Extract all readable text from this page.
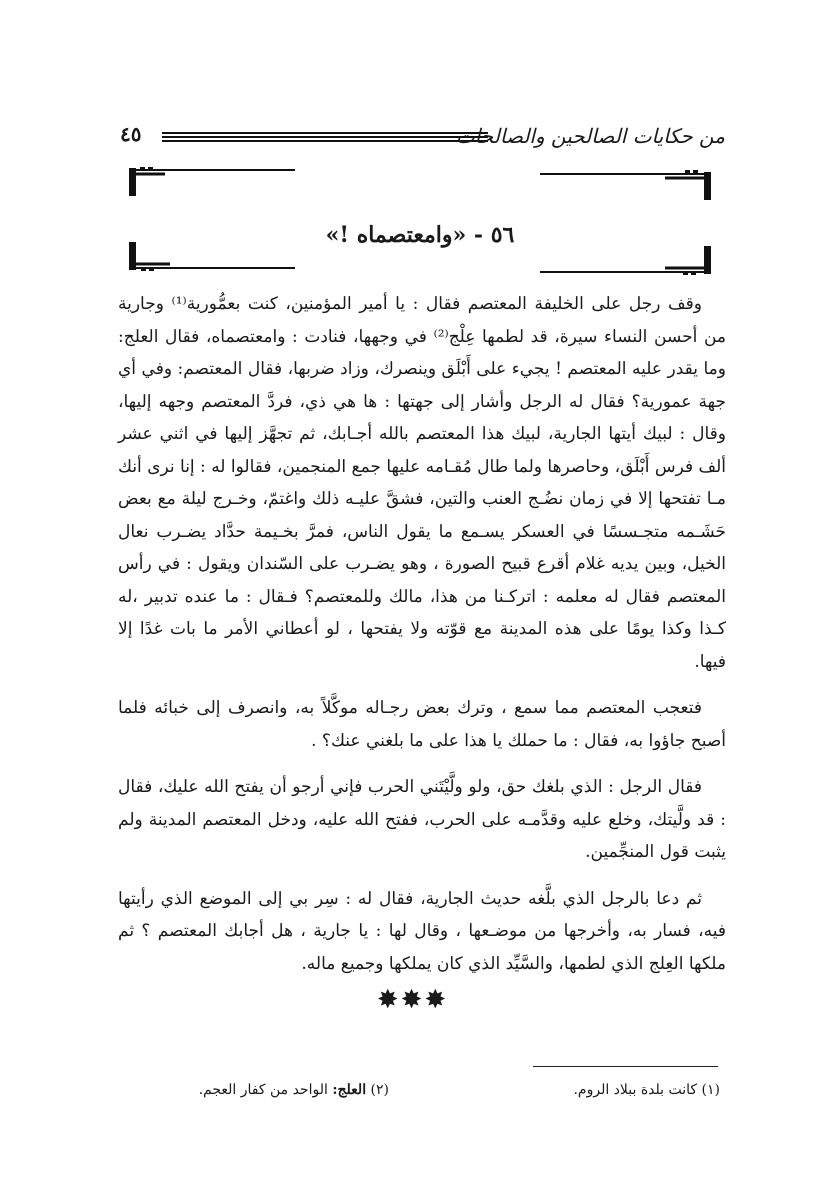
٤٥	من حكايات الصالحين والصالحات
٥٦ - «وامعتصماه !»

وقف رجل على الخليفة المعتصم فقال : يا أمير المؤمنين، كنت بعمُّورية⁽¹⁾ وجارية من أحسن النساء سيرة، قد لطمها عِلْج⁽²⁾ في وجهها، فنادت : وامعتصماه، فقال العلج: وما يقدر عليه المعتصم ! يجيء على أَبْلَق وينصرك، وزاد ضربها، فقال المعتصم: وفي أي جهة عمورية؟ فقال له الرجل وأشار إلى جهتها : ها هي ذي، فردَّ المعتصم وجهه إليها، وقال : لبيك أيتها الجارية، لبيك هذا المعتصم بالله أجـابك، ثم تجهَّز إليها في اثني عشر ألف فرس أَبْلَق، وحاصرها ولما طال مُقـامه عليها جمع المنجمين، فقالوا له : إنا نرى أنك مـا تفتحها إلا في زمان نضُـج العنب والتين، فشقَّ عليـه ذلك واغتمّ، وخـرج ليلة مع بعض حَشَـمه متجـسسًا في العسكر يسـمع ما يقول الناس، فمرَّ بخـيمة حدَّاد يضـرب نعال الخيل، وبين يديه غلام أقرع قبيح الصورة ، وهو يضـرب على السّندان ويقول : في رأس المعتصم فقال له معلمه : اتركـنا من هذا، مالك وللمعتصم؟ فـقال : ما عنده تدبير ،له كـذا وكذا يومًا على هذه المدينة مع قوّته ولا يفتحها ، لو أعطاني الأمر ما بات غدًا إلا فيها.

فتعجب المعتصم مما سمع ، وترك بعض رجـاله موكَّلاً به، وانصرف إلى خبائه فلما أصبح جاؤوا به، فقال : ما حملك يا هذا على ما بلغني عنك؟ .

فقال الرجل : الذي بلغك حق، ولو ولَّيْتَني الحرب فإني أرجو أن يفتح الله عليك، فقال : قد ولَّيتك، وخلع عليه وقدَّمـه على الحرب، ففتح الله عليه، ودخل المعتصم المدينة ولم يثبت قول المنجِّمين.

ثم دعا بالرجل الذي بلَّغه حديث الجارية، فقال له : سِر بي إلى الموضع الذي رأيتها فيه، فسار به، وأخرجها من موضـعها ، وقال لها : يا جارية ، هل أجابك المعتصم ؟ ثم ملكها العِلج الذي لطمها، والسَّيِّد الذي كان يملكها وجميع ماله.

✸✸✸
(١) كانت بلدة ببلاد الروم.
(٢) العلج: الواحد من كفار العجم.
